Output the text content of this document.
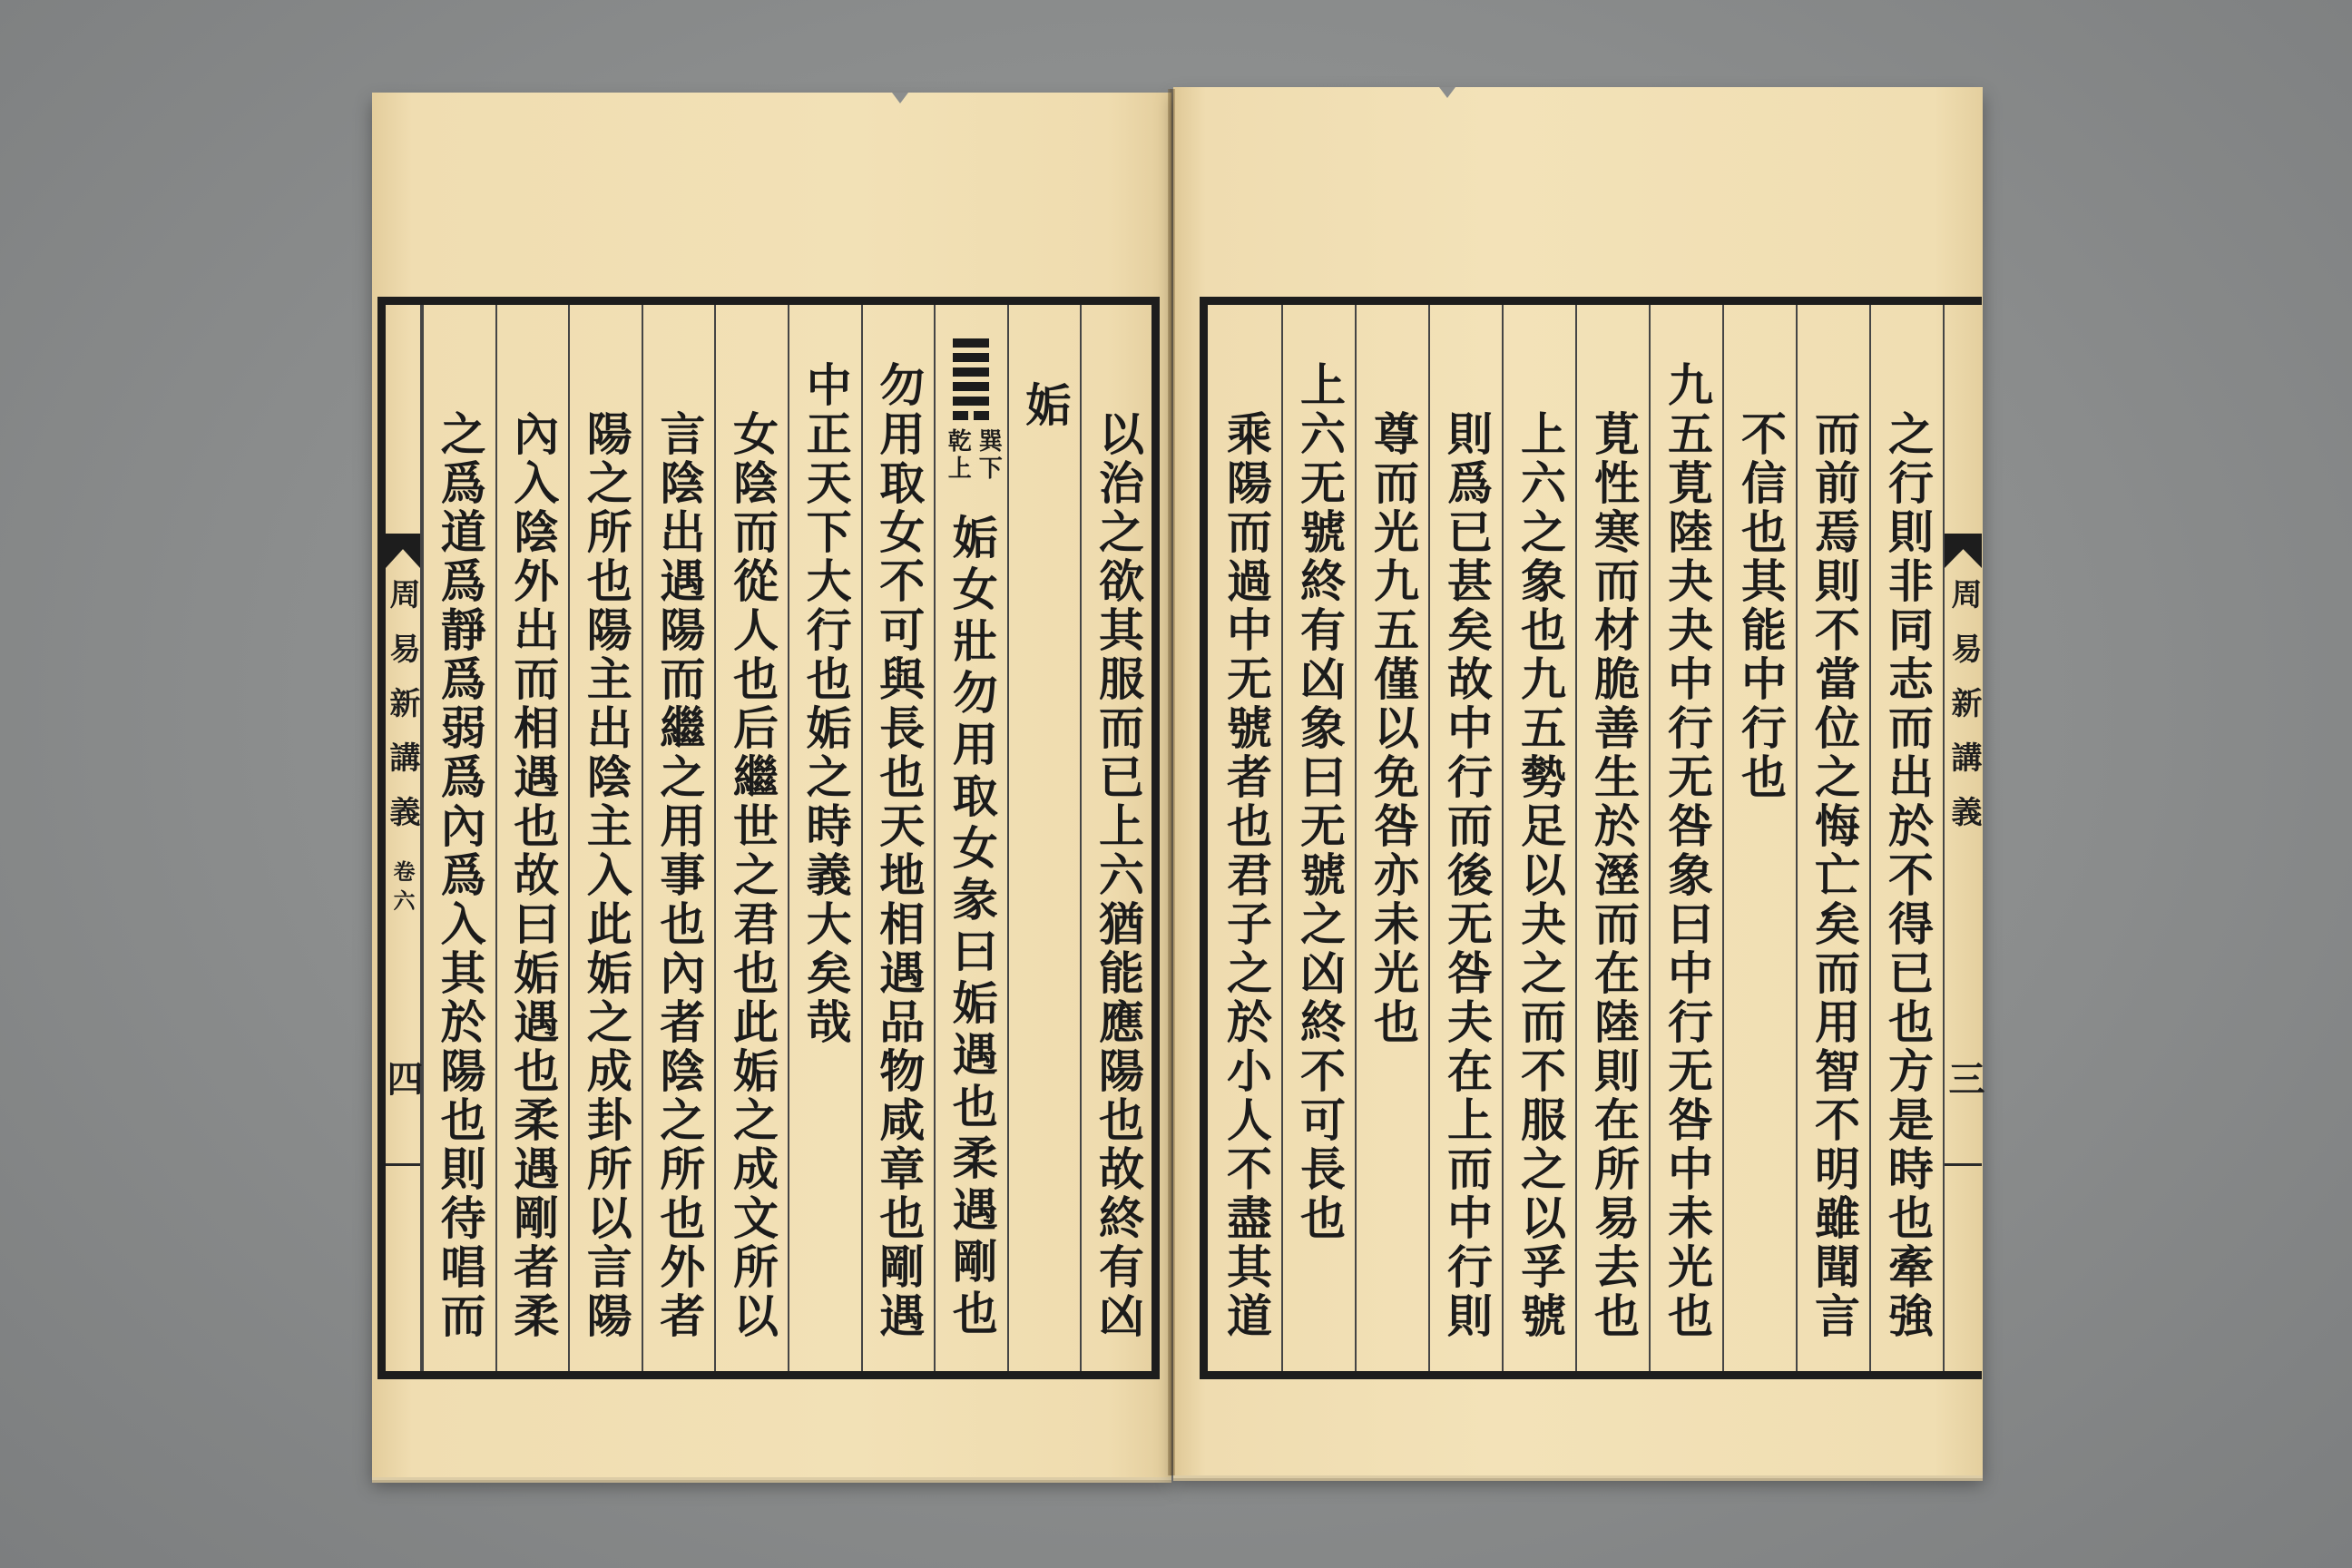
周易新講義
卷六
四	以治之欲其服而已上六猶能應陽也故終有凶
姤
巽下
乾上
姤女壯勿用取女彖曰姤遇也柔遇剛也
勿用取女不可與長也天地相遇品物咸章也剛遇
中正天下大行也姤之時義大矣哉
女陰而從人也后繼世之君也此姤之成文所以
言陰出遇陽而繼之用事也內者陰之所也外者
陽之所也陽主出陰主入此姤之成卦所以言陽
內入陰外出而相遇也故曰姤遇也柔遇剛者柔
之爲道爲靜爲弱爲內爲入其於陽也則待唱而	之行則非同志而出於不得已也方是時也牽強
而前焉則不當位之悔亡矣而用智不明雖聞言
不信也其能中行也
九五莧陸夬夬中行无咎象曰中行无咎中未光也
莧性寒而材脆善生於溼而在陸則在所易去也
上六之象也九五勢足以夬之而不服之以孚號
則爲已甚矣故中行而後无咎夫在上而中行則
尊而光九五僅以免咎亦未光也
上六无號終有凶象曰无號之凶終不可長也
乘陽而過中无號者也君子之於小人不盡其道	周易新講義
三
